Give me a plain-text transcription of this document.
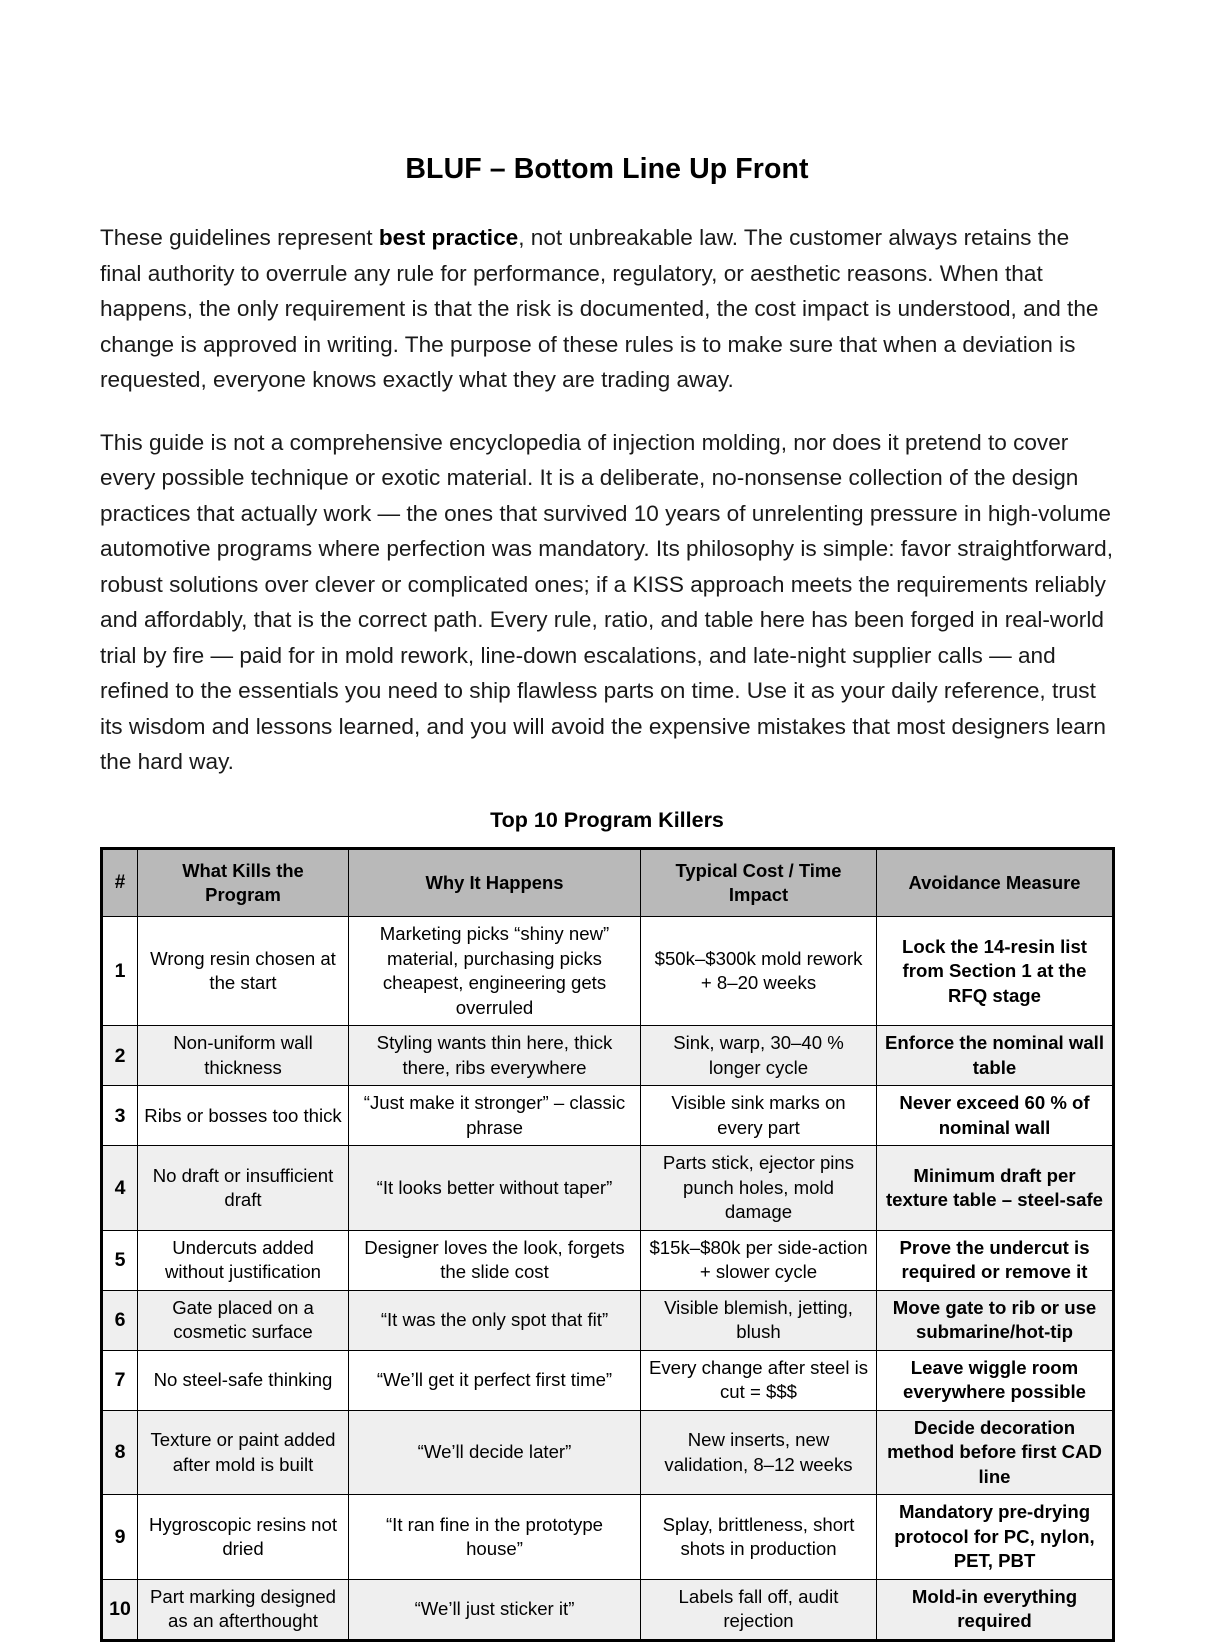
BLUF – Bottom Line Up Front

These guidelines represent best practice, not unbreakable law. The customer always retains the final authority to overrule any rule for performance, regulatory, or aesthetic reasons. When that happens, the only requirement is that the risk is documented, the cost impact is understood, and the change is approved in writing. The purpose of these rules is to make sure that when a deviation is requested, everyone knows exactly what they are trading away.

This guide is not a comprehensive encyclopedia of injection molding, nor does it pretend to cover every possible technique or exotic material. It is a deliberate, no-nonsense collection of the design practices that actually work — the ones that survived 10 years of unrelenting pressure in high-volume automotive programs where perfection was mandatory. Its philosophy is simple: favor straightforward, robust solutions over clever or complicated ones; if a KISS approach meets the requirements reliably and affordably, that is the correct path. Every rule, ratio, and table here has been forged in real-world trial by fire — paid for in mold rework, line-down escalations, and late-night supplier calls — and refined to the essentials you need to ship flawless parts on time. Use it as your daily reference, trust its wisdom and lessons learned, and you will avoid the expensive mistakes that most designers learn the hard way.

Top 10 Program Killers
#	What Kills the Program	Why It Happens	Typical Cost / Time Impact	Avoidance Measure
1	Wrong resin chosen at the start	Marketing picks “shiny new” material, purchasing picks cheapest, engineering gets overruled	$50k–$300k mold rework + 8–20 weeks	Lock the 14-resin list from Section 1 at the RFQ stage
2	Non-uniform wall thickness	Styling wants thin here, thick there, ribs everywhere	Sink, warp, 30–40 % longer cycle	Enforce the nominal wall table
3	Ribs or bosses too thick	“Just make it stronger” – classic phrase	Visible sink marks on every part	Never exceed 60 % of nominal wall
4	No draft or insufficient draft	“It looks better without taper”	Parts stick, ejector pins punch holes, mold damage	Minimum draft per texture table – steel-safe
5	Undercuts added without justification	Designer loves the look, forgets the slide cost	$15k–$80k per side-action + slower cycle	Prove the undercut is required or remove it
6	Gate placed on a cosmetic surface	“It was the only spot that fit”	Visible blemish, jetting, blush	Move gate to rib or use submarine/hot-tip
7	No steel-safe thinking	“We’ll get it perfect first time”	Every change after steel is cut = $$$	Leave wiggle room everywhere possible
8	Texture or paint added after mold is built	“We’ll decide later”	New inserts, new validation, 8–12 weeks	Decide decoration method before first CAD line
9	Hygroscopic resins not dried	“It ran fine in the prototype house”	Splay, brittleness, short shots in production	Mandatory pre-drying protocol for PC, nylon, PET, PBT
10	Part marking designed as an afterthought	“We’ll just sticker it”	Labels fall off, audit rejection	Mold-in everything required
